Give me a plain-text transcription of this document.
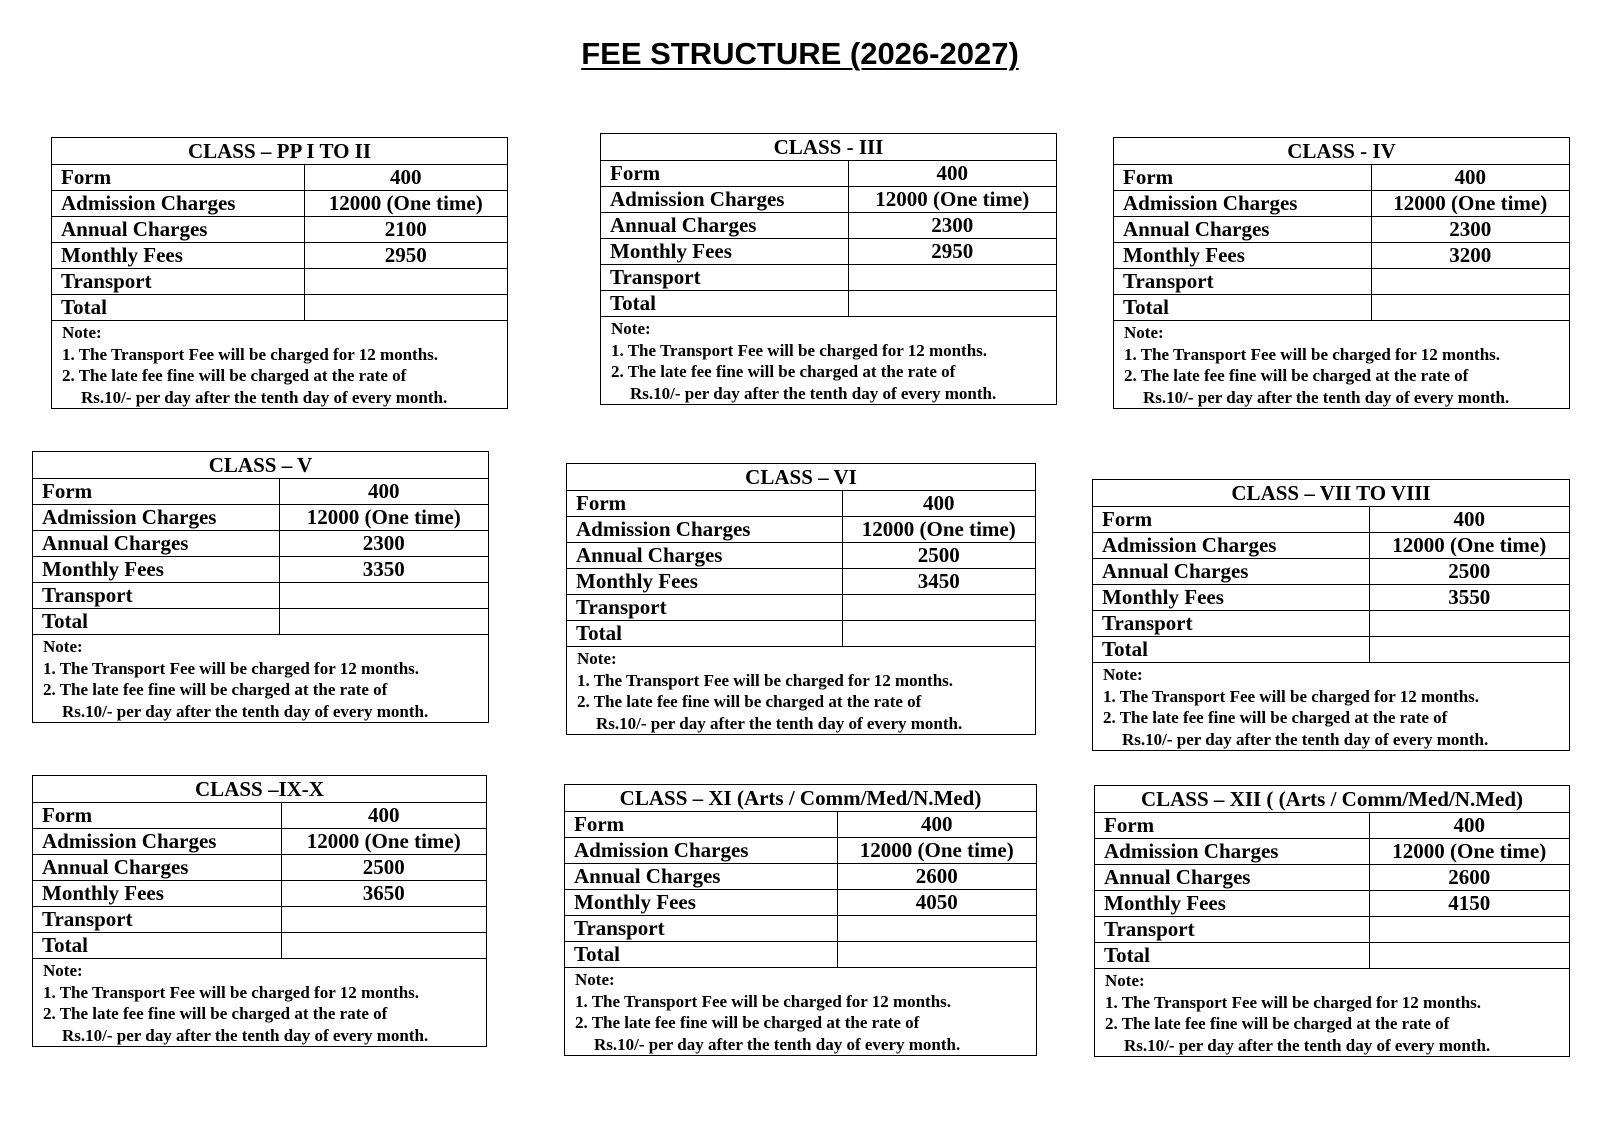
FEE STRUCTURE (2026-2027)
CLASS – PP I TO II	
Form	400
Admission Charges	12000 (One time)
Annual Charges	2100
Monthly Fees	2950
Transport	
Total	
Note:
1. The Transport Fee will be charged for 12 months.
2. The late fee fine will be charged at the rate of
Rs.10/- per day after the tenth day of every month.
CLASS - III	
Form	400
Admission Charges	12000 (One time)
Annual Charges	2300
Monthly Fees	2950
Transport	
Total	
Note:
1. The Transport Fee will be charged for 12 months.
2. The late fee fine will be charged at the rate of
Rs.10/- per day after the tenth day of every month.
CLASS - IV	
Form	400
Admission Charges	12000 (One time)
Annual Charges	2300
Monthly Fees	3200
Transport	
Total	
Note:
1. The Transport Fee will be charged for 12 months.
2. The late fee fine will be charged at the rate of
Rs.10/- per day after the tenth day of every month.
CLASS – V	
Form	400
Admission Charges	12000 (One time)
Annual Charges	2300
Monthly Fees	3350
Transport	
Total	
Note:
1. The Transport Fee will be charged for 12 months.
2. The late fee fine will be charged at the rate of
Rs.10/- per day after the tenth day of every month.
CLASS – VI	
Form	400
Admission Charges	12000 (One time)
Annual Charges	2500
Monthly Fees	3450
Transport	
Total	
Note:
1. The Transport Fee will be charged for 12 months.
2. The late fee fine will be charged at the rate of
Rs.10/- per day after the tenth day of every month.
CLASS – VII TO VIII	
Form	400
Admission Charges	12000 (One time)
Annual Charges	2500
Monthly Fees	3550
Transport	
Total	
Note:
1. The Transport Fee will be charged for 12 months.
2. The late fee fine will be charged at the rate of
Rs.10/- per day after the tenth day of every month.
CLASS –IX-X	
Form	400
Admission Charges	12000 (One time)
Annual Charges	2500
Monthly Fees	3650
Transport	
Total	
Note:
1. The Transport Fee will be charged for 12 months.
2. The late fee fine will be charged at the rate of
Rs.10/- per day after the tenth day of every month.
CLASS – XI (Arts / Comm/Med/N.Med)	
Form	400
Admission Charges	12000 (One time)
Annual Charges	2600
Monthly Fees	4050
Transport	
Total	
Note:
1. The Transport Fee will be charged for 12 months.
2. The late fee fine will be charged at the rate of
Rs.10/- per day after the tenth day of every month.
CLASS – XII ( (Arts / Comm/Med/N.Med)	
Form	400
Admission Charges	12000 (One time)
Annual Charges	2600
Monthly Fees	4150
Transport	
Total	
Note:
1. The Transport Fee will be charged for 12 months.
2. The late fee fine will be charged at the rate of
Rs.10/- per day after the tenth day of every month.
